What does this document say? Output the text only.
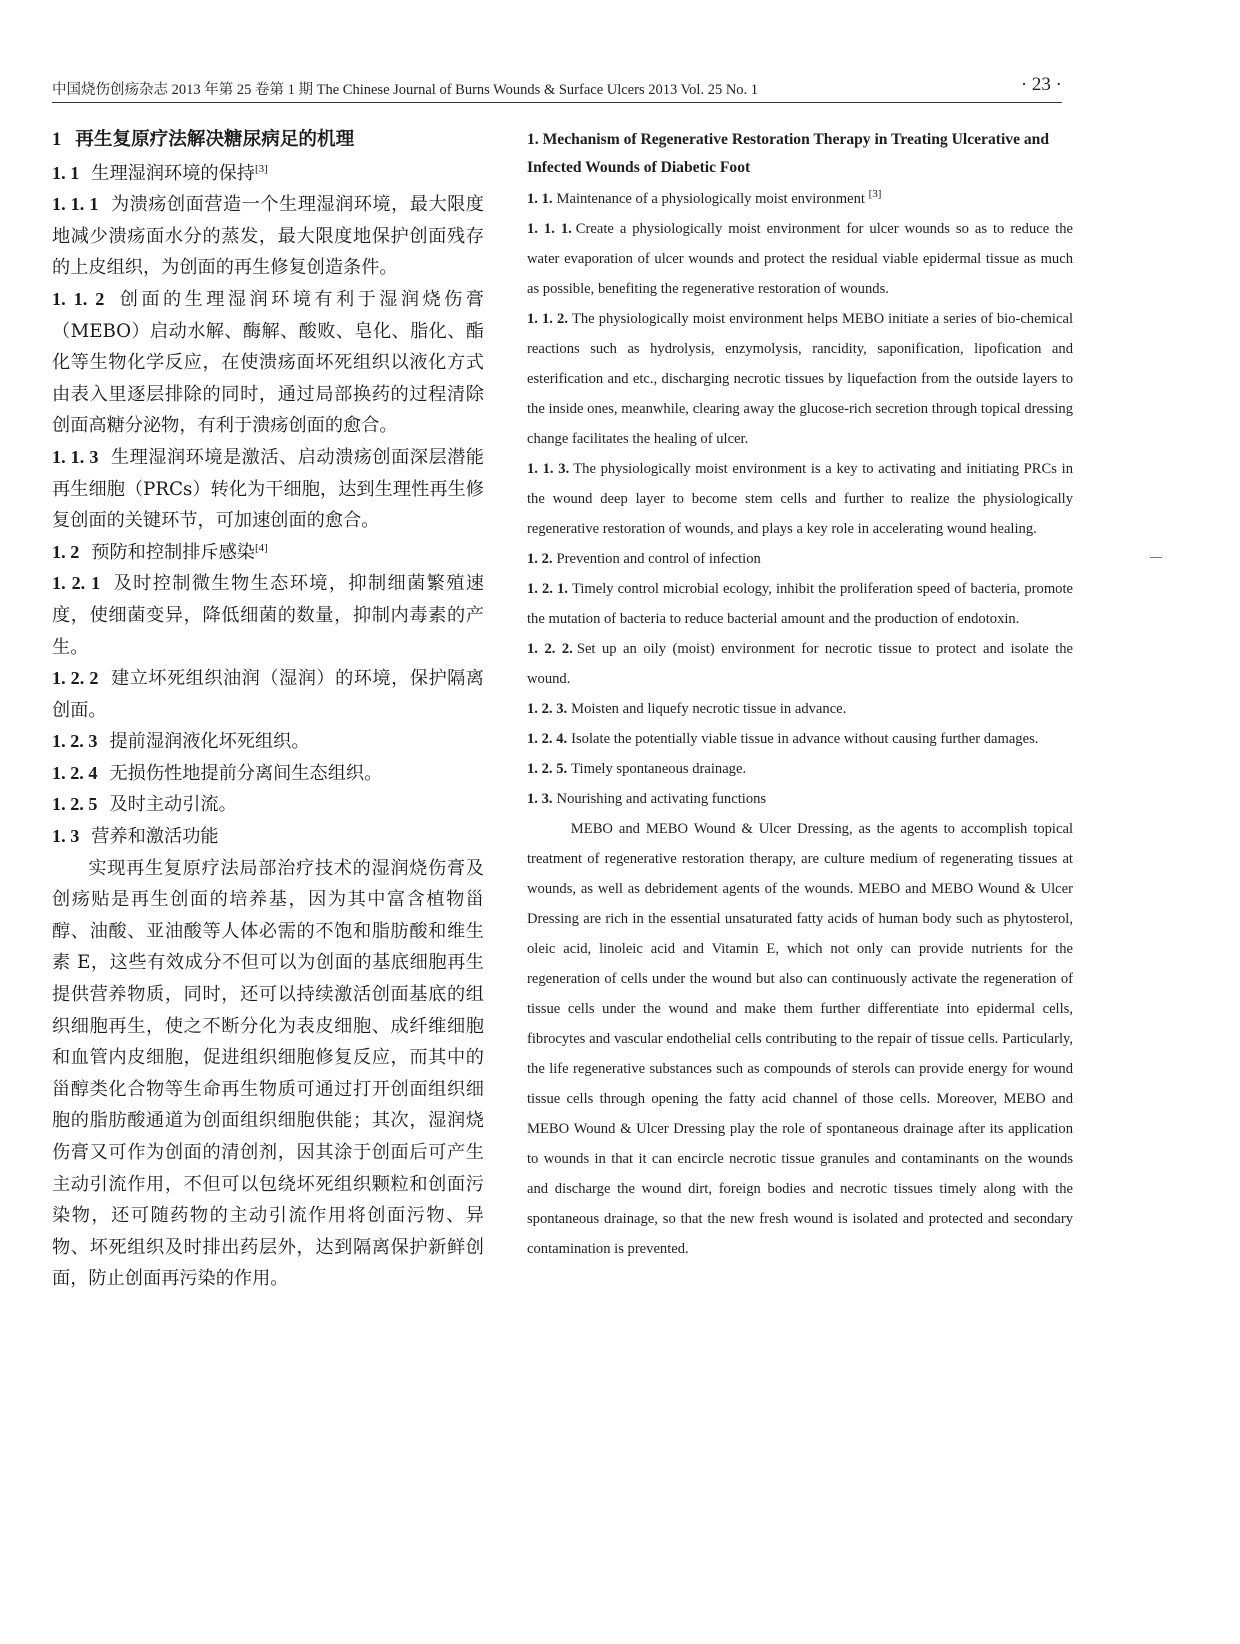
中国烧伤创疡杂志 2013 年第 25 卷第 1 期 The Chinese Journal of Burns Wounds & Surface Ulcers 2013 Vol. 25 No. 1	· 23 ·

1 再生复原疗法解决糖尿病足的机理

1. 1 生理湿润环境的保持[3]

1. 1. 1 为溃疡创面营造一个生理湿润环境，最大限度地减少溃疡面水分的蒸发，最大限度地保护创面残存的上皮组织，为创面的再生修复创造条件。

1. 1. 2 创面的生理湿润环境有利于湿润烧伤膏（MEBO）启动水解、酶解、酸败、皂化、脂化、酯化等生物化学反应，在使溃疡面坏死组织以液化方式由表入里逐层排除的同时，通过局部换药的过程清除创面高糖分泌物，有利于溃疡创面的愈合。

1. 1. 3 生理湿润环境是激活、启动溃疡创面深层潜能再生细胞（PRCs）转化为干细胞，达到生理性再生修复创面的关键环节，可加速创面的愈合。

1. 2 预防和控制排斥感染[4]

1. 2. 1 及时控制微生物生态环境，抑制细菌繁殖速度，使细菌变异，降低细菌的数量，抑制内毒素的产生。

1. 2. 2 建立坏死组织油润（湿润）的环境，保护隔离创面。

1. 2. 3 提前湿润液化坏死组织。

1. 2. 4 无损伤性地提前分离间生态组织。

1. 2. 5 及时主动引流。

1. 3 营养和激活功能

实现再生复原疗法局部治疗技术的湿润烧伤膏及创疡贴是再生创面的培养基，因为其中富含植物甾醇、油酸、亚油酸等人体必需的不饱和脂肪酸和维生素 E，这些有效成分不但可以为创面的基底细胞再生提供营养物质，同时，还可以持续激活创面基底的组织细胞再生，使之不断分化为表皮细胞、成纤维细胞和血管内皮细胞，促进组织细胞修复反应，而其中的甾醇类化合物等生命再生物质可通过打开创面组织细胞的脂肪酸通道为创面组织细胞供能；其次，湿润烧伤膏又可作为创面的清创剂，因其涂于创面后可产生主动引流作用，不但可以包绕坏死组织颗粒和创面污染物，还可随药物的主动引流作用将创面污物、异物、坏死组织及时排出药层外，达到隔离保护新鲜创面，防止创面再污染的作用。

1. Mechanism of Regenerative Restoration Therapy in Treating Ulcerative and Infected Wounds of Diabetic Foot

1. 1. Maintenance of a physiologically moist environment [3]

1. 1. 1. Create a physiologically moist environment for ulcer wounds so as to reduce the water evaporation of ulcer wounds and protect the residual viable epidermal tissue as much as possible, benefiting the regenerative restoration of wounds.

1. 1. 2. The physiologically moist environment helps MEBO initiate a series of bio-chemical reactions such as hydrolysis, enzymolysis, rancidity, saponification, lipofication and esterification and etc., discharging necrotic tissues by liquefaction from the outside layers to the inside ones, meanwhile, clearing away the glucose-rich secretion through topical dressing change facilitates the healing of ulcer.

1. 1. 3. The physiologically moist environment is a key to activating and initiating PRCs in the wound deep layer to become stem cells and further to realize the physiologically regenerative restoration of wounds, and plays a key role in accelerating wound healing.

1. 2. Prevention and control of infection

1. 2. 1. Timely control microbial ecology, inhibit the proliferation speed of bacteria, promote the mutation of bacteria to reduce bacterial amount and the production of endotoxin.

1. 2. 2. Set up an oily (moist) environment for necrotic tissue to protect and isolate the wound.

1. 2. 3. Moisten and liquefy necrotic tissue in advance.

1. 2. 4. Isolate the potentially viable tissue in advance without causing further damages.

1. 2. 5. Timely spontaneous drainage.

1. 3. Nourishing and activating functions

MEBO and MEBO Wound & Ulcer Dressing, as the agents to accomplish topical treatment of regenerative restoration therapy, are culture medium of regenerating tissues at wounds, as well as debridement agents of the wounds. MEBO and MEBO Wound & Ulcer Dressing are rich in the essential unsaturated fatty acids of human body such as phytosterol, oleic acid, linoleic acid and Vitamin E, which not only can provide nutrients for the regeneration of cells under the wound but also can continuously activate the regeneration of tissue cells under the wound and make them further differentiate into epidermal cells, fibrocytes and vascular endothelial cells contributing to the repair of tissue cells. Particularly, the life regenerative substances such as compounds of sterols can provide energy for wound tissue cells through opening the fatty acid channel of those cells. Moreover, MEBO and MEBO Wound & Ulcer Dressing play the role of spontaneous drainage after its application to wounds in that it can encircle necrotic tissue granules and contaminants on the wounds and discharge the wound dirt, foreign bodies and necrotic tissues timely along with the spontaneous drainage, so that the new fresh wound is isolated and protected and secondary contamination is prevented.
